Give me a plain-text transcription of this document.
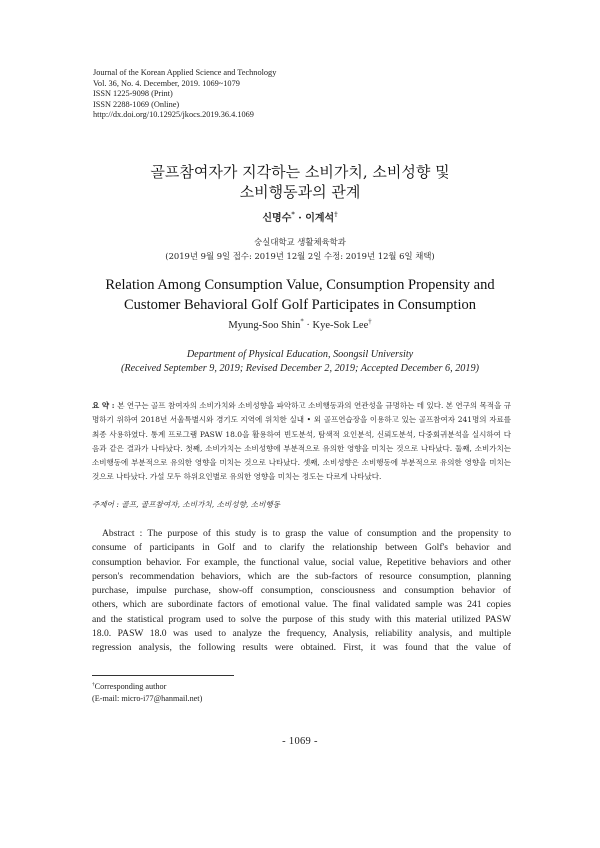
Journal of the Korean Applied Science and Technology
Vol. 36, No. 4. December, 2019. 1069~1079
ISSN 1225-9098 (Print)
ISSN 2288-1069 (Online)
http://dx.doi.org/10.12925/jkocs.2019.36.4.1069
골프참여자가 지각하는 소비가치, 소비성향 및
소비행동과의 관계
신명수* · 이계석†
숭실대학교 생활체육학과
(2019년 9월 9일 접수: 2019년 12월 2일 수정: 2019년 12월 6일 채택)
Relation Among Consumption Value, Consumption Propensity and
Customer Behavioral Golf Golf Participates in Consumption
Myung-Soo Shin* · Kye-Sok Lee†
Department of Physical Education, Soongsil University
(Received September 9, 2019; Revised December 2, 2019; Accepted December 6, 2019)
요 약 : 본 연구는 골프 참여자의 소비가치와 소비성향을 파악하고 소비행동과의 연관성을 규명하는 데 있다. 본 연구의 목적을 규명하기 위하여 2018년 서울특별시와 경기도 지역에 위치한 실내 • 외 골프연습장을 이용하고 있는 골프참여자 241명의 자료를 최종 사용하였다. 통계 프로그램 PASW 18.0을 활용하여 빈도분석, 탐색적 요인분석, 신뢰도분석, 다중회귀분석을 실시하여 다음과 같은 결과가 나타났다. 첫째, 소비가치는 소비성향에 부분적으로 유의한 영향을 미치는 것으로 나타났다. 둘째, 소비가치는 소비행동에 부분적으로 유의한 영향을 미치는 것으로 나타났다. 셋째, 소비성향은 소비행동에 부분적으로 유의한 영향을 미치는 것으로 나타났다. 가설 모두 하위요인별로 유의한 영향을 미치는 정도는 다르게 나타났다.
주제어 : 골프, 골프참여자, 소비가치, 소비성향, 소비행동
Abstract : The purpose of this study is to grasp the value of consumption and the propensity to
consume of participants in Golf and to clarify the relationship between Golf's behavior and
consumption behavior. For example, the functional value, social value, Repetitive behaviors and other
person's recommendation behaviors, which are the sub-factors of resource consumption, planning
purchase, impulse purchase, show-off consumption, consciousness and consumption behavior of
others, which are subordinate factors of emotional value. The final validated sample was 241 copies
and the statistical program used to solve the purpose of this study with this material utilized PASW
18.0. PASW 18.0 was used to analyze the frequency, Analysis, reliability analysis, and multiple
regression analysis, the following results were obtained. First, it was found that the value of
†Corresponding author
(E-mail: micro-i77@hanmail.net)
- 1069 -
